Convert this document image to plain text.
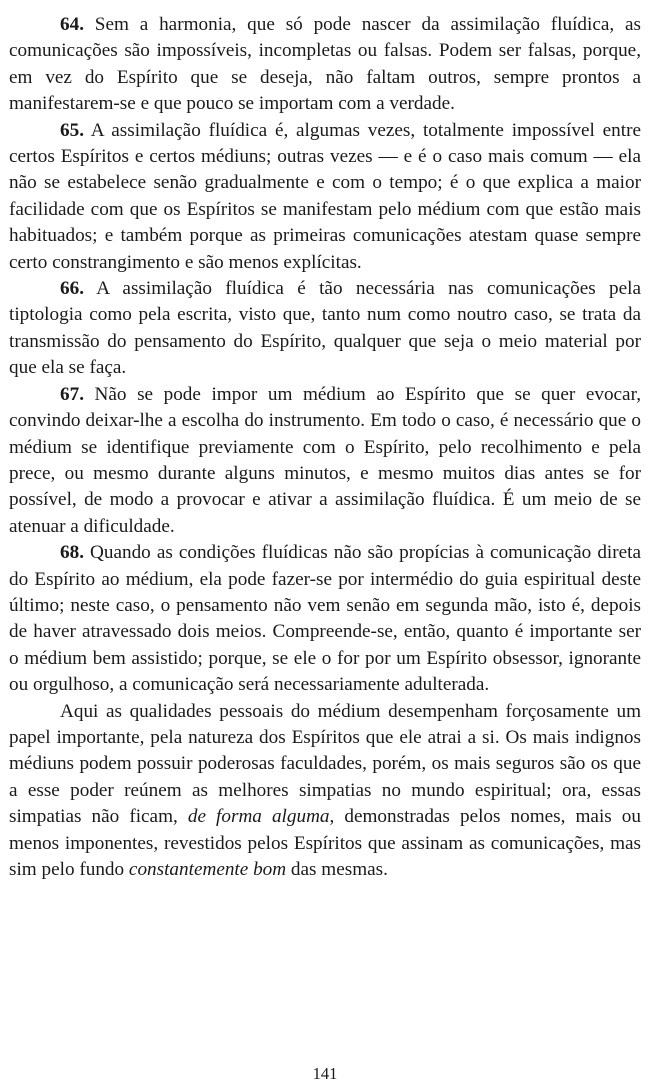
64. Sem a harmonia, que só pode nascer da assimilação fluídica, as comunicações são impossíveis, incompletas ou falsas. Podem ser falsas, porque, em vez do Espírito que se deseja, não faltam outros, sempre prontos a manifestarem-se e que pouco se importam com a verdade.

65. A assimilação fluídica é, algumas vezes, totalmente impossível entre certos Espíritos e certos médiuns; outras vezes — e é o caso mais comum — ela não se estabelece senão gradualmente e com o tempo; é o que explica a maior facilidade com que os Espíritos se manifestam pelo médium com que estão mais habituados; e também porque as primeiras comunicações atestam quase sempre certo constrangimento e são menos explícitas.

66. A assimilação fluídica é tão necessária nas comunicações pela tiptologia como pela escrita, visto que, tanto num como noutro caso, se trata da transmissão do pensamento do Espírito, qualquer que seja o meio material por que ela se faça.

67. Não se pode impor um médium ao Espírito que se quer evocar, convindo deixar-lhe a escolha do instrumento. Em todo o caso, é necessário que o médium se identifique previamente com o Espírito, pelo recolhimento e pela prece, ou mesmo durante alguns minutos, e mesmo muitos dias antes se for possível, de modo a provocar e ativar a assimilação fluídica. É um meio de se atenuar a dificuldade.

68. Quando as condições fluídicas não são propícias à comunicação direta do Espírito ao médium, ela pode fazer-se por intermédio do guia espiritual deste último; neste caso, o pensamento não vem senão em segunda mão, isto é, depois de haver atravessado dois meios. Compreende-se, então, quanto é importante ser o médium bem assistido; porque, se ele o for por um Espírito obsessor, ignorante ou orgulhoso, a comunicação será necessariamente adulterada.

Aqui as qualidades pessoais do médium desempenham forçosamente um papel importante, pela natureza dos Espíritos que ele atrai a si. Os mais indignos médiuns podem possuir poderosas faculdades, porém, os mais seguros são os que a esse poder reúnem as melhores simpatias no mundo espiritual; ora, essas simpatias não ficam, de forma alguma, demonstradas pelos nomes, mais ou menos imponentes, revestidos pelos Espíritos que assinam as comunicações, mas sim pelo fundo constantemente bom das mesmas.

141
